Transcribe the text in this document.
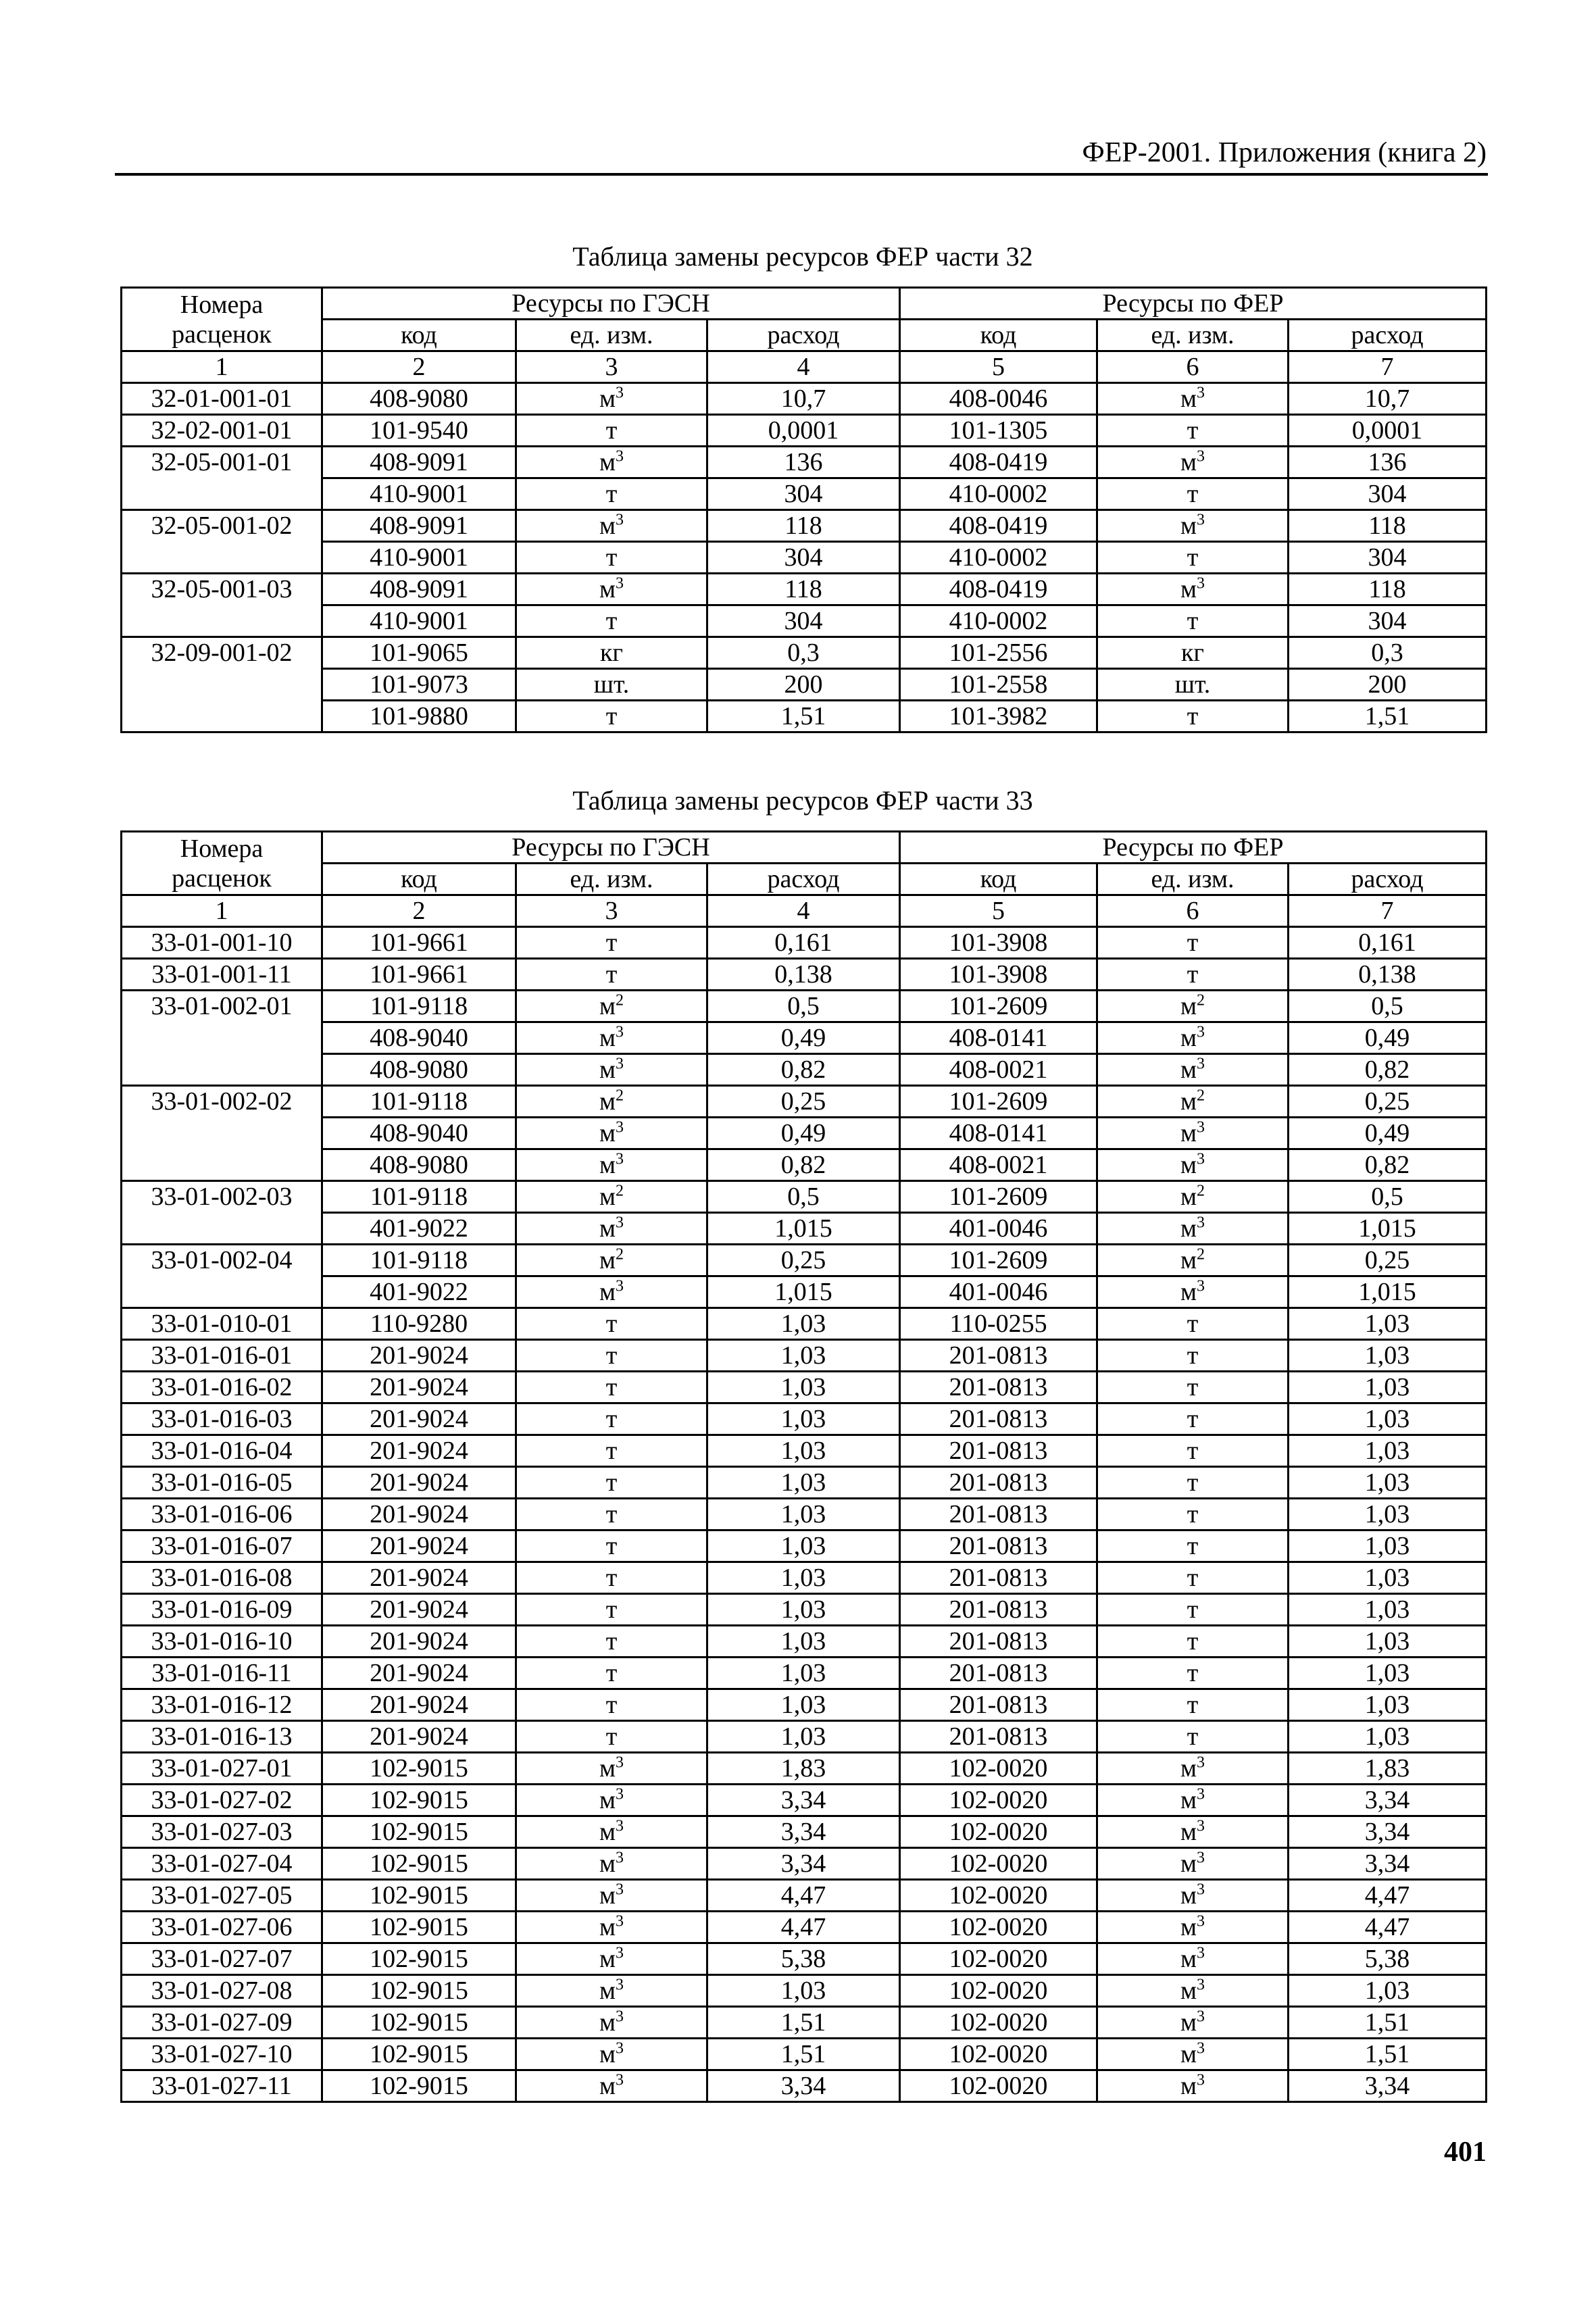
ФЕР-2001. Приложения (книга 2)
Таблица замены ресурсов ФЕР части 32
Номера расценок	Ресурсы по ГЭСН			Ресурсы по ФЕР		
	код	ед. изм.	расход	код	ед. изм.	расход
1	2	3	4	5	6	7
32-01-001-01	408-9080	$м^3$	10,7	408-0046	$м^3$	10,7
32-02-001-01	101-9540	т	0,0001	101-1305	т	0,0001
32-05-001-01	408-9091	$м^3$	136	408-0419	$м^3$	136
	410-9001	т	304	410-0002	т	304
32-05-001-02	408-9091	$м^3$	118	408-0419	$м^3$	118
	410-9001	т	304	410-0002	т	304
32-05-001-03	408-9091	$м^3$	118	408-0419	$м^3$	118
	410-9001	т	304	410-0002	т	304
32-09-001-02	101-9065	кг	0,3	101-2556	кг	0,3
	101-9073	шт.	200	101-2558	шт.	200
	101-9880	т	1,51	101-3982	т	1,51
Таблица замены ресурсов ФЕР части 33
Номера расценок	Ресурсы по ГЭСН			Ресурсы по ФЕР		
	код	ед. изм.	расход	код	ед. изм.	расход
1	2	3	4	5	6	7
33-01-001-10	101-9661	т	0,161	101-3908	т	0,161
33-01-001-11	101-9661	т	0,138	101-3908	т	0,138
33-01-002-01	101-9118	$м^2$	0,5	101-2609	$м^2$	0,5
	408-9040	$м^3$	0,49	408-0141	$м^3$	0,49
	408-9080	$м^3$	0,82	408-0021	$м^3$	0,82
33-01-002-02	101-9118	$м^2$	0,25	101-2609	$м^2$	0,25
	408-9040	$м^3$	0,49	408-0141	$м^3$	0,49
	408-9080	$м^3$	0,82	408-0021	$м^3$	0,82
33-01-002-03	101-9118	$м^2$	0,5	101-2609	$м^2$	0,5
	401-9022	$м^3$	1,015	401-0046	$м^3$	1,015
33-01-002-04	101-9118	$м^2$	0,25	101-2609	$м^2$	0,25
	401-9022	$м^3$	1,015	401-0046	$м^3$	1,015
33-01-010-01	110-9280	т	1,03	110-0255	т	1,03
33-01-016-01	201-9024	т	1,03	201-0813	т	1,03
33-01-016-02	201-9024	т	1,03	201-0813	т	1,03
33-01-016-03	201-9024	т	1,03	201-0813	т	1,03
33-01-016-04	201-9024	т	1,03	201-0813	т	1,03
33-01-016-05	201-9024	т	1,03	201-0813	т	1,03
33-01-016-06	201-9024	т	1,03	201-0813	т	1,03
33-01-016-07	201-9024	т	1,03	201-0813	т	1,03
33-01-016-08	201-9024	т	1,03	201-0813	т	1,03
33-01-016-09	201-9024	т	1,03	201-0813	т	1,03
33-01-016-10	201-9024	т	1,03	201-0813	т	1,03
33-01-016-11	201-9024	т	1,03	201-0813	т	1,03
33-01-016-12	201-9024	т	1,03	201-0813	т	1,03
33-01-016-13	201-9024	т	1,03	201-0813	т	1,03
33-01-027-01	102-9015	$м^3$	1,83	102-0020	$м^3$	1,83
33-01-027-02	102-9015	$м^3$	3,34	102-0020	$м^3$	3,34
33-01-027-03	102-9015	$м^3$	3,34	102-0020	$м^3$	3,34
33-01-027-04	102-9015	$м^3$	3,34	102-0020	$м^3$	3,34
33-01-027-05	102-9015	$м^3$	4,47	102-0020	$м^3$	4,47
33-01-027-06	102-9015	$м^3$	4,47	102-0020	$м^3$	4,47
33-01-027-07	102-9015	$м^3$	5,38	102-0020	$м^3$	5,38
33-01-027-08	102-9015	$м^3$	1,03	102-0020	$м^3$	1,03
33-01-027-09	102-9015	$м^3$	1,51	102-0020	$м^3$	1,51
33-01-027-10	102-9015	$м^3$	1,51	102-0020	$м^3$	1,51
33-01-027-11	102-9015	$м^3$	3,34	102-0020	$м^3$	3,34
401
